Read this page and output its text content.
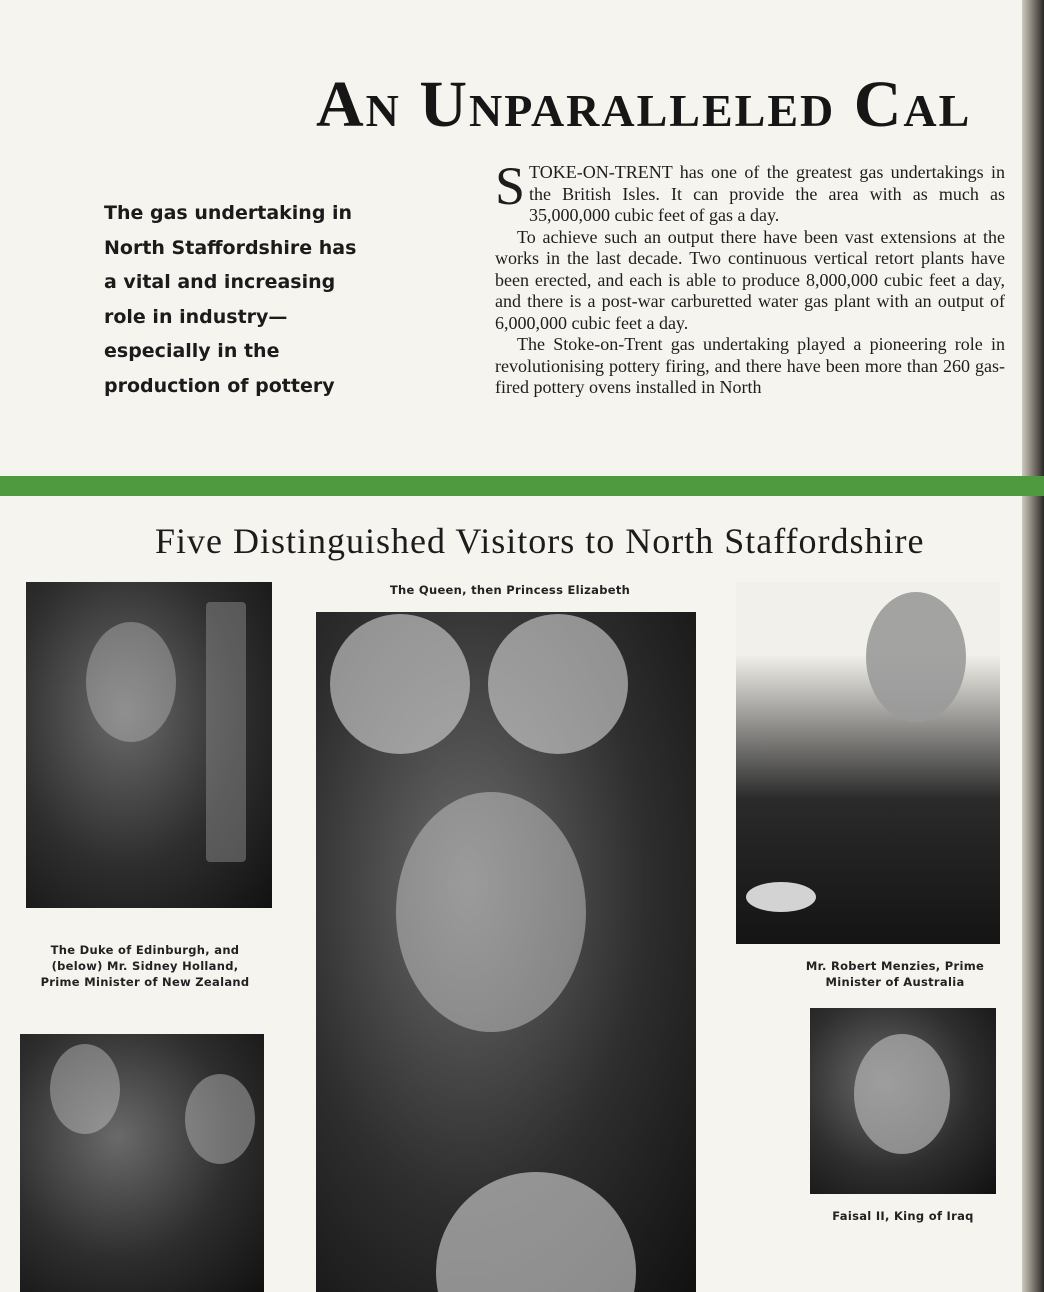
An Unparalleled Cal
The gas undertaking in North Staffordshire has a vital and increasing role in industry—especially in the production of pottery

STOKE-ON-TRENT has one of the greatest gas undertakings in the British Isles. It can provide the area with as much as 35,000,000 cubic feet of gas a day.

To achieve such an output there have been vast extensions at the works in the last decade. Two continuous vertical retort plants have been erected, and each is able to produce 8,000,000 cubic feet a day, and there is a post-war carburetted water gas plant with an output of 6,000,000 cubic feet a day.

The Stoke-on-Trent gas undertaking played a pioneering role in revolutionising pottery firing, and there have been more than 260 gas-fired pottery ovens installed in North

Five Distinguished Visitors to North Staffordshire
The Duke of Edinburgh, and
(below) Mr. Sidney Holland,
Prime Minister of New Zealand
The Queen, then Princess Elizabeth
Mr. Robert Menzies, Prime
Minister of Australia
Faisal II, King of Iraq
